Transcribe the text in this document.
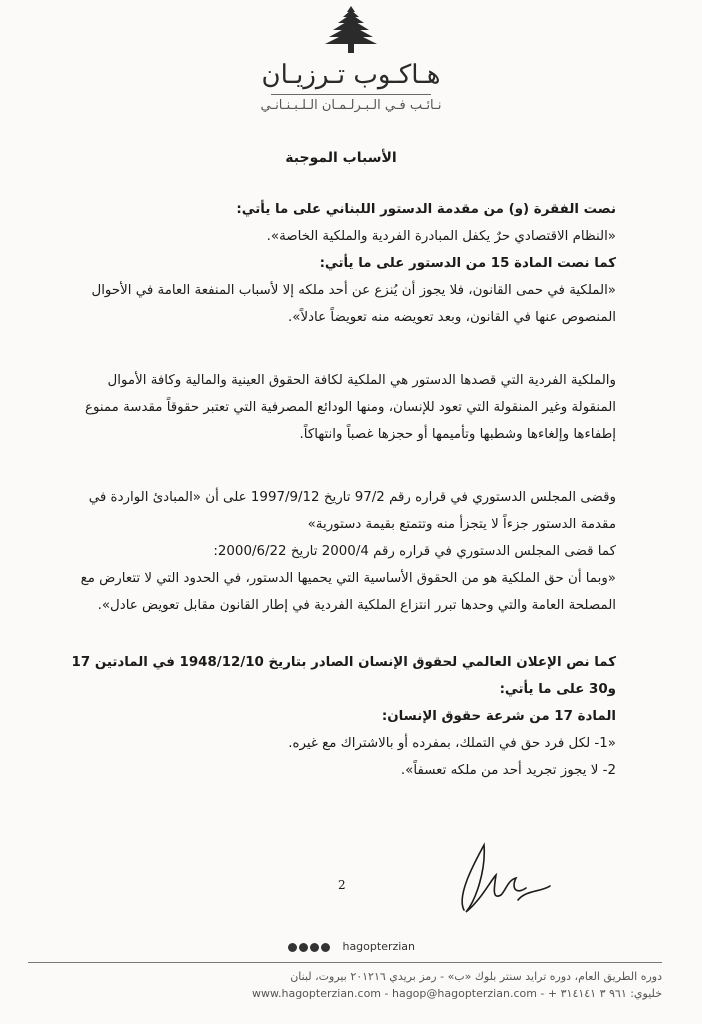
هـاكـوب تـرزيـان
نـائـب فـي الـبـرلـمـان الـلـبـنـانـي
الأسباب الموجبة

نصت الفقرة (و) من مقدمة الدستور اللبناني على ما يأتي:

«النظام الاقتصادي حرٌ يكفل المبادرة الفردية والملكية الخاصة».

كما نصت المادة 15 من الدستور على ما يأتي:

«الملكية في حمى القانون، فلا يجوز أن يُنزع عن أحد ملكه إلا لأسباب المنفعة العامة في الأحوال المنصوص عنها في القانون، وبعد تعويضه منه تعويضاً عادلاً».

والملكية الفردية التي قصدها الدستور هي الملكية لكافة الحقوق العينية والمالية وكافة الأموال المنقولة وغير المنقولة التي تعود للإنسان، ومنها الودائع المصرفية التي تعتبر حقوقاً مقدسة ممنوع إطفاءها وإلغاءها وشطبها وتأميمها أو حجزها غصباً وانتهاكاً.

وقضى المجلس الدستوري في قراره رقم 97/2 تاريخ 1997/9/12 على أن «المبادئ الواردة في مقدمة الدستور جزءاً لا يتجزأ منه وتتمتع بقيمة دستورية»

كما قضى المجلس الدستوري في قراره رقم 2000/4 تاريخ 2000/6/22:

«وبما أن حق الملكية هو من الحقوق الأساسية التي يحميها الدستور، في الحدود التي لا تتعارض مع المصلحة العامة والتي وحدها تبرر انتزاع الملكية الفردية في إطار القانون مقابل تعويض عادل».

كما نص الإعلان العالمي لحقوق الإنسان الصادر بتاريخ 1948/12/10 في المادتين 17 و30 على ما يأتي:

المادة 17 من شرعة حقوق الإنسان:

«1- لكل فرد حق في التملك، بمفرده أو بالاشتراك مع غيره.

2- لا يجوز تجريد أحد من ملكه تعسفاً».

2
hagopterzian
دوره الطريق العام، دوره ترايد سنتر بلوك «ب» - رمز بريدي ٢٠١٢١٦ بيروت، لبنان
خليوي: ٩٦١ ٣ ٣١٤١٤١ + - www.hagopterzian.com - hagop@hagopterzian.com
